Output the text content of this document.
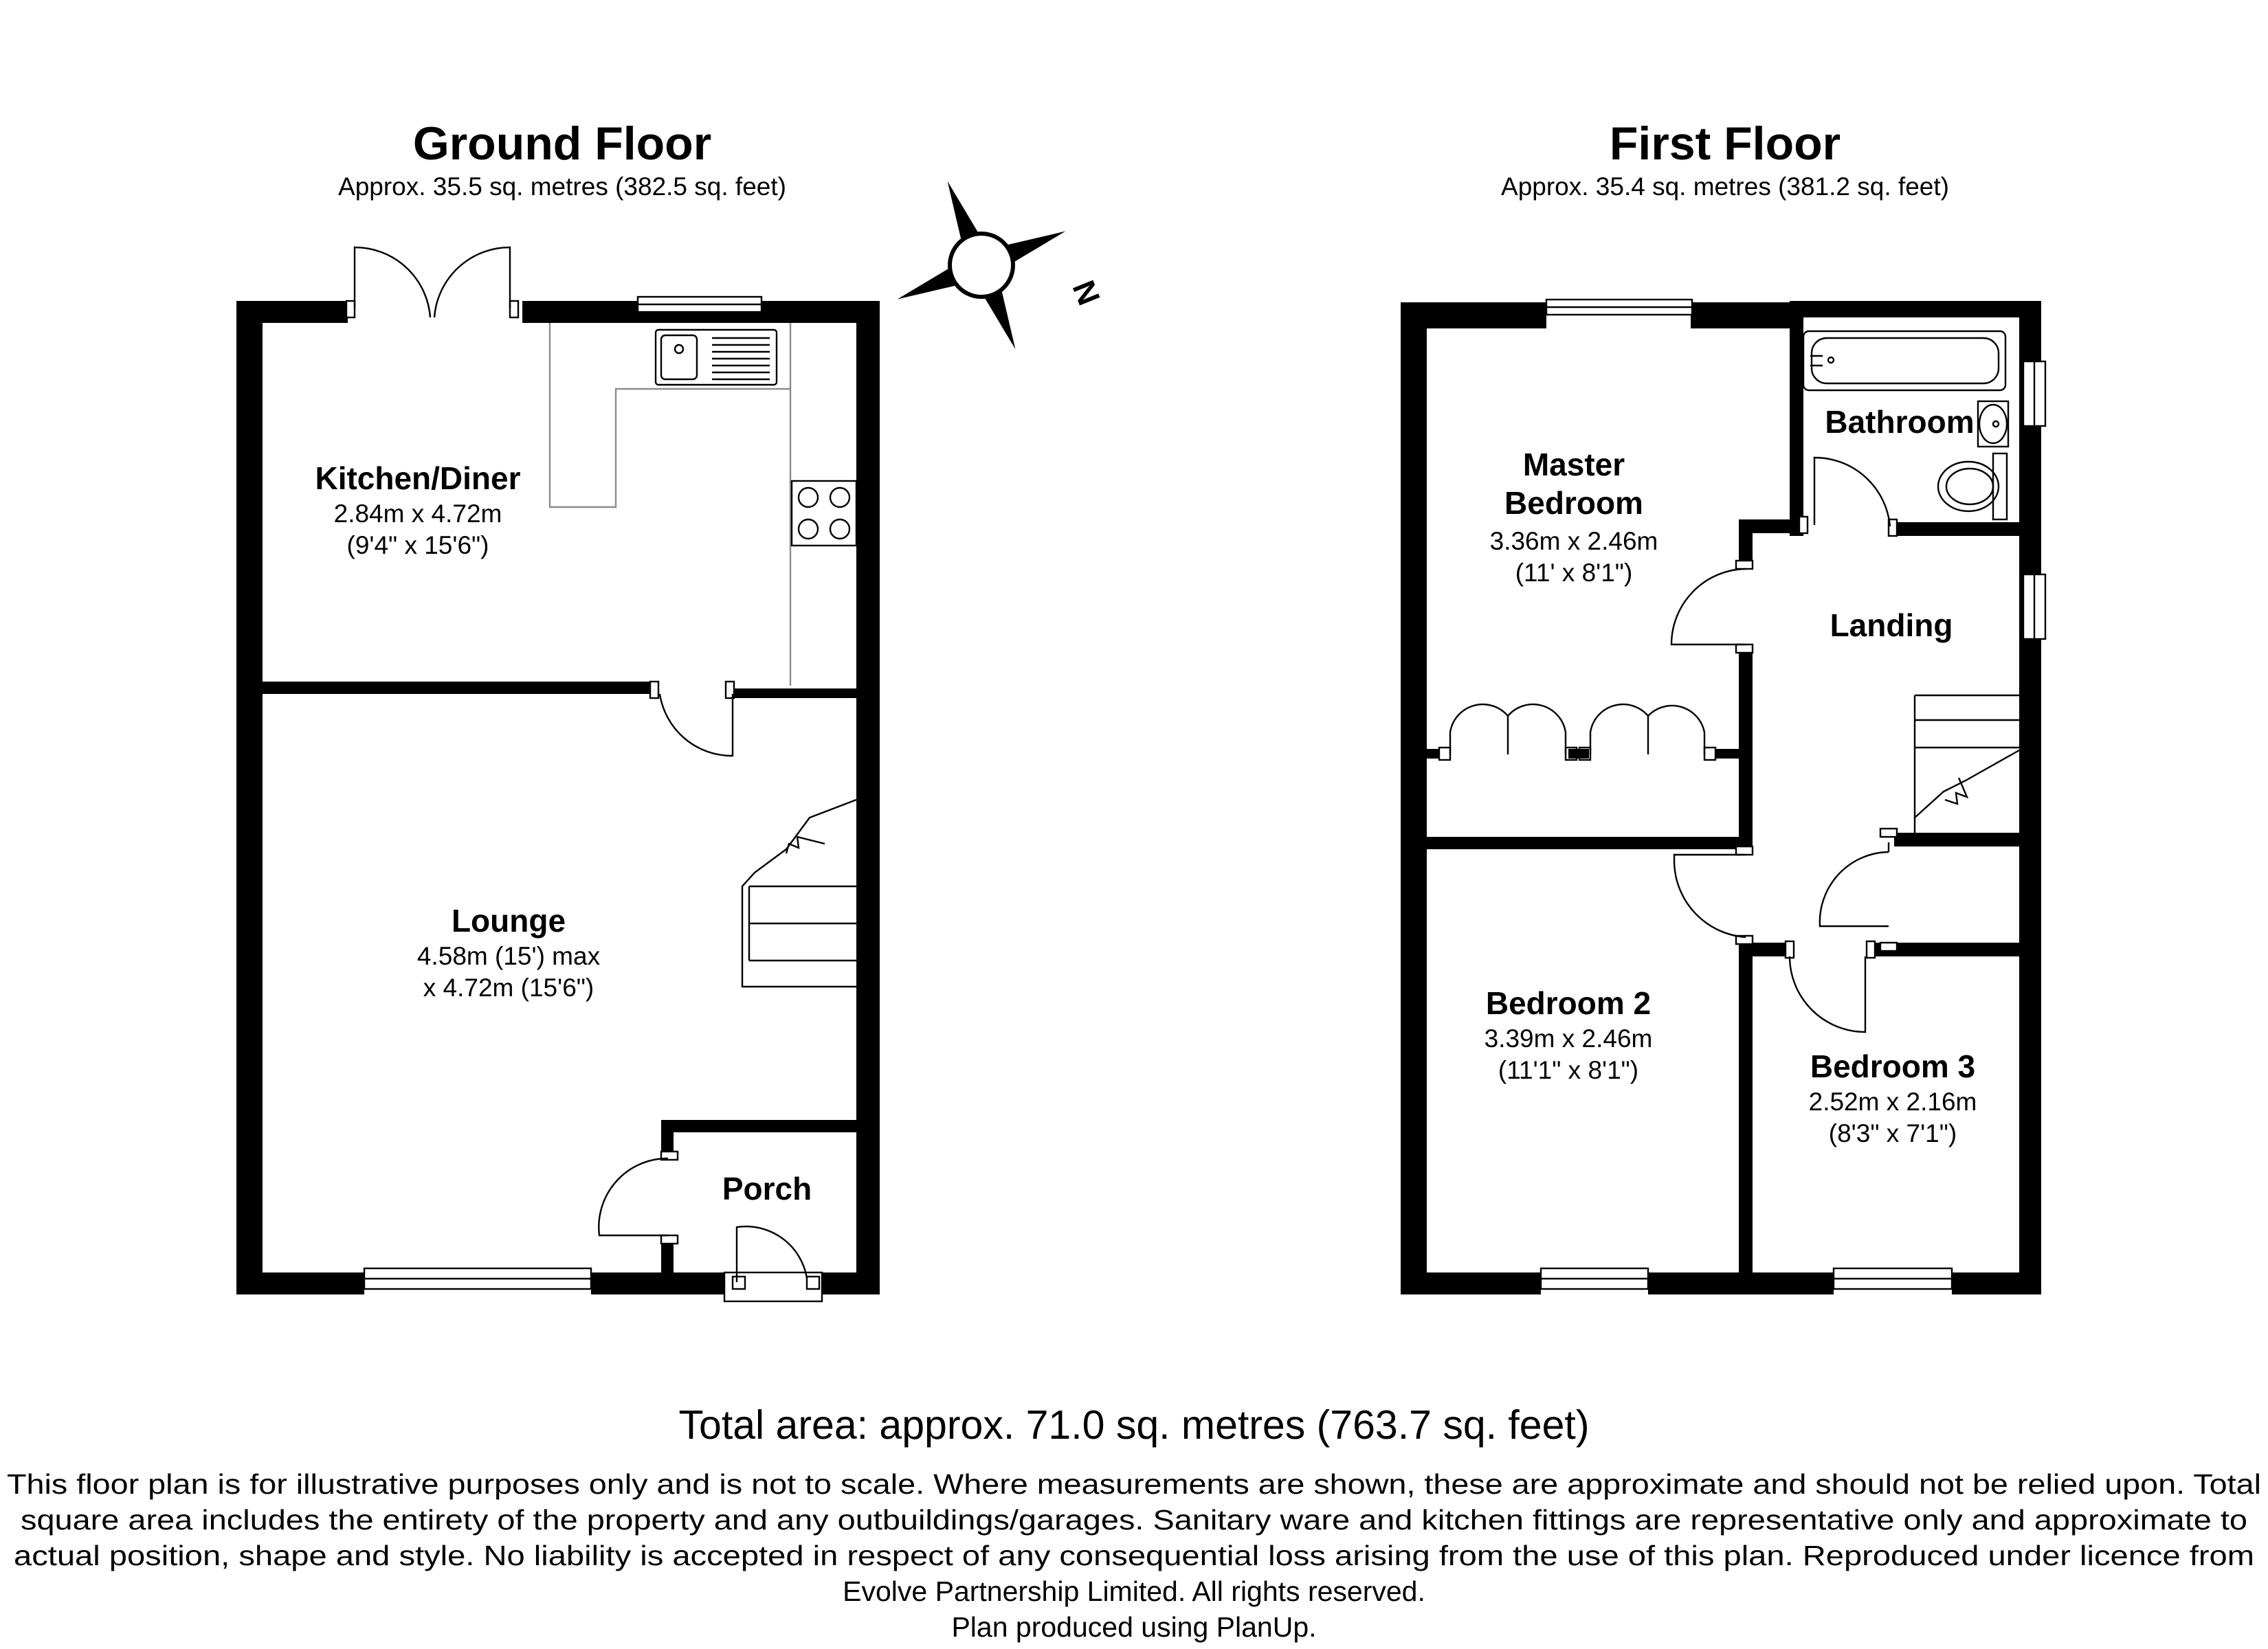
Ground Floor
Approx. 35.5 sq. metres (382.5 sq. feet)
Kitchen/Diner
2.84m x 4.72m
(9'4" x 15'6")
Lounge
4.58m (15') max
x 4.72m (15'6")
Porch
N
First Floor
Approx. 35.4 sq. metres (381.2 sq. feet)
Master
Bedroom
3.36m x 2.46m
(11' x 8'1")
Bathroom
Landing
Bedroom 2
3.39m x 2.46m
(11'1" x 8'1")	Bedroom 3
2.52m x 2.16m
(8'3" x 7'1")
Total area: approx. 71.0 sq. metres (763.7 sq. feet)
This floor plan is for illustrative purposes only and is not to scale. Where measurements are shown, these are approximate and should not be relied upon. Total
square area includes the entirety of the property and any outbuildings/garages. Sanitary ware and kitchen fittings are representative only and approximate to
actual position, shape and style. No liability is accepted in respect of any consequential loss arising from the use of this plan. Reproduced under licence from
Evolve Partnership Limited. All rights reserved.
Plan produced using PlanUp.
